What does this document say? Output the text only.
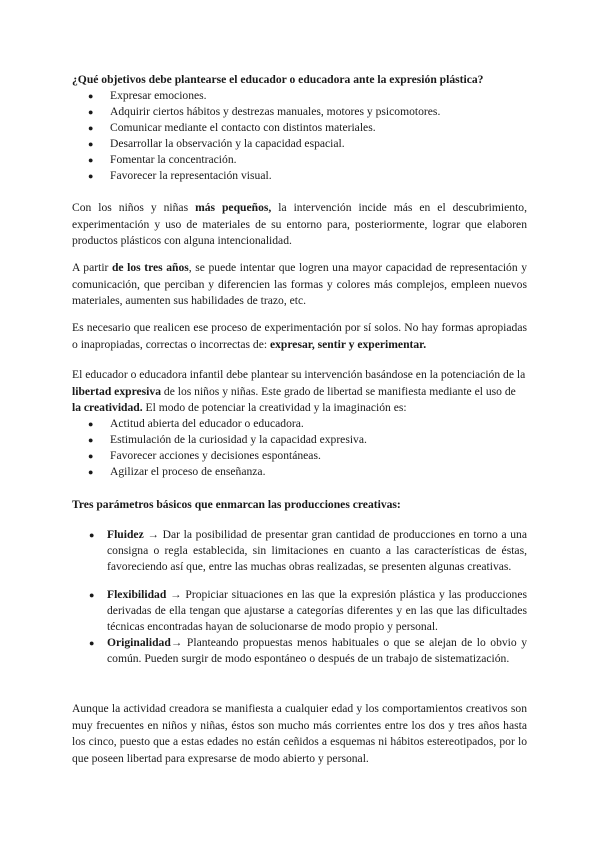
¿Qué objetivos debe plantearse el educador o educadora ante la expresión plástica?
● Expresar emociones.
● Adquirir ciertos hábitos y destrezas manuales, motores y psicomotores.
● Comunicar mediante el contacto con distintos materiales.
● Desarrollar la observación y la capacidad espacial.
● Fomentar la concentración.
● Favorecer la representación visual.
Con los niños y niñas más pequeños, la intervención incide más en el descubrimiento, experimentación y uso de materiales de su entorno para, posteriormente, lograr que elaboren productos plásticos con alguna intencionalidad.
A partir de los tres años, se puede intentar que logren una mayor capacidad de representación y comunicación, que perciban y diferencien las formas y colores más complejos, empleen nuevos materiales, aumenten sus habilidades de trazo, etc.
Es necesario que realicen ese proceso de experimentación por sí solos. No hay formas apropiadas o inapropiadas, correctas o incorrectas de: expresar, sentir y experimentar.
El educador o educadora infantil debe plantear su intervención basándose en la potenciación de la libertad expresiva de los niños y niñas. Este grado de libertad se manifiesta mediante el uso de la creatividad. El modo de potenciar la creatividad y la imaginación es:
● Actitud abierta del educador o educadora.
● Estimulación de la curiosidad y la capacidad expresiva.
● Favorecer acciones y decisiones espontáneas.
● Agilizar el proceso de enseñanza.
Tres parámetros básicos que enmarcan las producciones creativas:
● Fluidez → Dar la posibilidad de presentar gran cantidad de producciones en torno a una consigna o regla establecida, sin limitaciones en cuanto a las características de éstas, favoreciendo así que, entre las muchas obras realizadas, se presenten algunas creativas.
● Flexibilidad → Propiciar situaciones en las que la expresión plástica y las producciones derivadas de ella tengan que ajustarse a categorías diferentes y en las que las dificultades técnicas encontradas hayan de solucionarse de modo propio y personal.
● Originalidad→ Planteando propuestas menos habituales o que se alejan de lo obvio y común. Pueden surgir de modo espontáneo o después de un trabajo de sistematización.
Aunque la actividad creadora se manifiesta a cualquier edad y los comportamientos creativos son muy frecuentes en niños y niñas, éstos son mucho más corrientes entre los dos y tres años hasta los cinco, puesto que a estas edades no están ceñidos a esquemas ni hábitos estereotipados, por lo que poseen libertad para expresarse de modo abierto y personal.
